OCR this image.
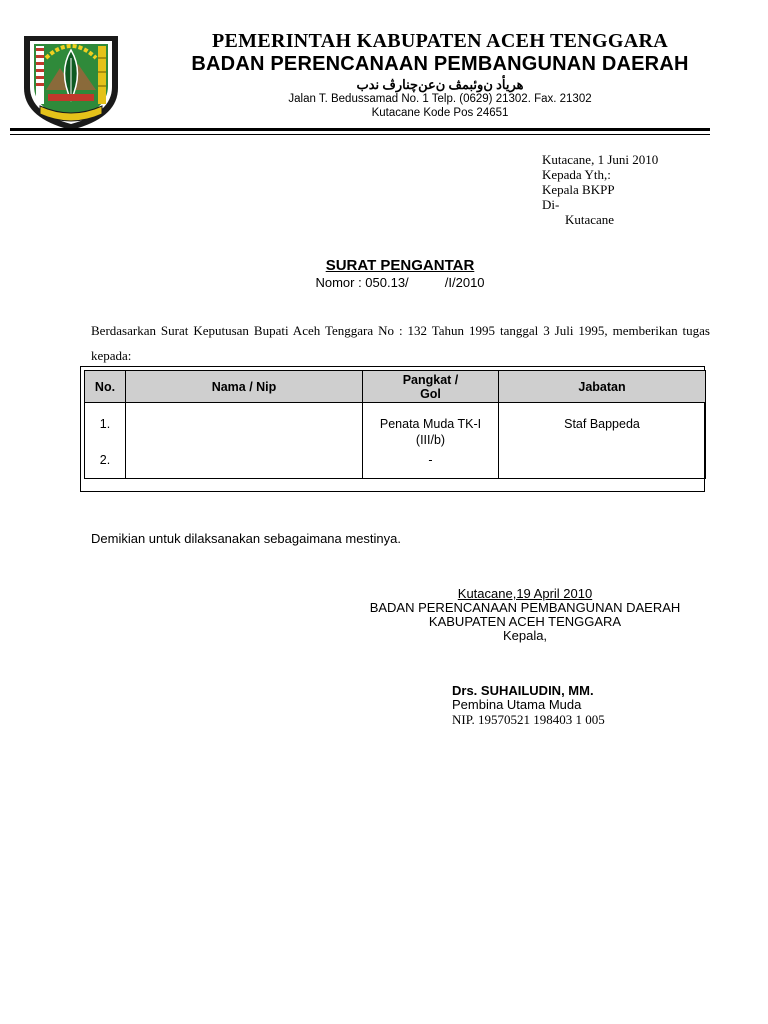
PEMERINTAH KABUPATEN ACEH TENGGARA
BADAN PERENCANAAN PEMBANGUNAN DAERAH
هريأد ن‌وئبمڤ ن‌عن‌چنارڤ ندب
Jalan T. Bedussamad No. 1 Telp. (0629) 21302. Fax. 21302
Kutacane Kode Pos 24651
Kutacane, 1 Juni 2010
Kepada Yth,:
Kepala BKPP
Di-
Kutacane
SURAT PENGANTAR
Nomor : 050.13/          /I/2010
Berdasarkan Surat Keputusan Bupati Aceh Tenggara No : 132 Tahun 1995 tanggal 3 Juli 1995, memberikan tugas kepada:
No.	Nama / Nip	Pangkat / Gol	Jabatan
1.		Penata Muda TK-I (III/b)	Staf Bappeda
2.		-	
Demikian untuk dilaksanakan sebagaimana mestinya.
Kutacane,19 April 2010
BADAN PERENCANAAN PEMBANGUNAN DAERAH
KABUPATEN ACEH TENGGARA
Kepala,
Drs. SUHAILUDIN, MM.
Pembina Utama Muda
NIP. 19570521 198403 1 005
